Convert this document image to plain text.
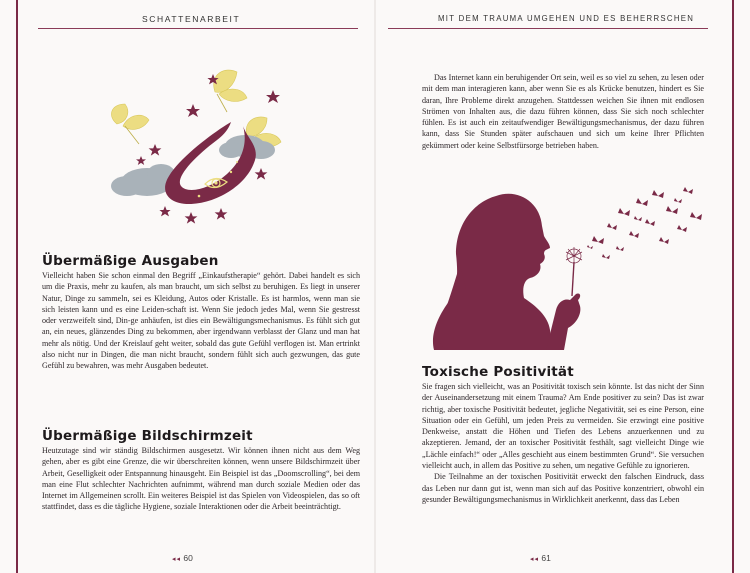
SCHATTENARBEIT
Übermäßige Ausgaben

Vielleicht haben Sie schon einmal den Begriff „Einkaufstherapie“ gehört. Dabei handelt es sich um die Praxis, mehr zu kaufen, als man braucht, um sich selbst zu beruhigen. Es liegt in unserer Natur, Dinge zu sammeln, sei es Kleidung, Autos oder Kristalle. Es ist harmlos, wenn man sie sich leisten kann und es eine Leiden-schaft ist. Wenn Sie jedoch jedes Mal, wenn Sie gestresst oder verzweifelt sind, Din-ge anhäufen, ist dies ein Bewältigungsmechanismus. Es fühlt sich gut an, ein neues, glänzendes Ding zu bekommen, aber irgendwann verblasst der Glanz und man hat mehr als nötig. Und der Kreislauf geht weiter, sobald das gute Gefühl verflogen ist. Man ertrinkt also nicht nur in Dingen, die man nicht braucht, sondern fühlt sich auch gezwungen, das gute Gefühl zu bewahren, was mehr Ausgaben bedeutet.

Übermäßige Bildschirmzeit

Heutzutage sind wir ständig Bildschirmen ausgesetzt. Wir können ihnen nicht aus dem Weg gehen, aber es gibt eine Grenze, die wir überschreiten können, wenn unsere Bildschirmzeit über Arbeit, Geselligkeit oder Entspannung hinausgeht. Ein Beispiel ist das „Doomscrolling“, bei dem man eine Flut schlechter Nachrichten aufnimmt, während man durch soziale Medien oder das Internet im Allgemeinen scrollt. Ein weiteres Beispiel ist das Spielen von Videospielen, das so oft stattfindet, dass es die tägliche Hygiene, soziale Interaktionen oder die Arbeit beeinträchtigt.

◂◂ 60
MIT DEM TRAUMA UMGEHEN UND ES BEHERRSCHEN

Das Internet kann ein beruhigender Ort sein, weil es so viel zu sehen, zu lesen oder mit dem man interagieren kann, aber wenn Sie es als Krücke benutzen, hindert es Sie daran, Ihre Probleme direkt anzugehen. Stattdessen weichen Sie ihnen mit endlosen Strömen von Inhalten aus, die dazu führen können, dass Sie sich noch schlechter fühlen. Es ist auch ein zeitaufwendiger Bewältigungsmechanismus, der dazu führen kann, dass Sie Stunden später aufschauen und sich um keine Ihrer Pflichten gekümmert oder keine Selbstfürsorge betrieben haben.

Toxische Positivität

Sie fragen sich vielleicht, was an Positivität toxisch sein könnte. Ist das nicht der Sinn der Auseinandersetzung mit einem Trauma? Am Ende positiver zu sein? Das ist zwar richtig, aber toxische Positivität bedeutet, jegliche Negativität, sei es eine Person, eine Situation oder ein Gefühl, um jeden Preis zu vermeiden. Sie erzwingt eine positive Denkweise, anstatt die Höhen und Tiefen des Lebens anzuerkennen und zu akzeptieren. Jemand, der an toxischer Positivität festhält, sagt vielleicht Dinge wie „Lächle einfach!“ oder „Alles geschieht aus einem bestimmten Grund“. Sie versuchen vielleicht auch, in allem das Positive zu sehen, um negative Gefühle zu ignorieren.

Die Teilnahme an der toxischen Positivität erweckt den falschen Eindruck, dass das Leben nur dann gut ist, wenn man sich auf das Positive konzentriert, obwohl ein gesunder Bewältigungsmechanismus in Wirklichkeit anerkennt, dass das Leben

◂◂ 61
